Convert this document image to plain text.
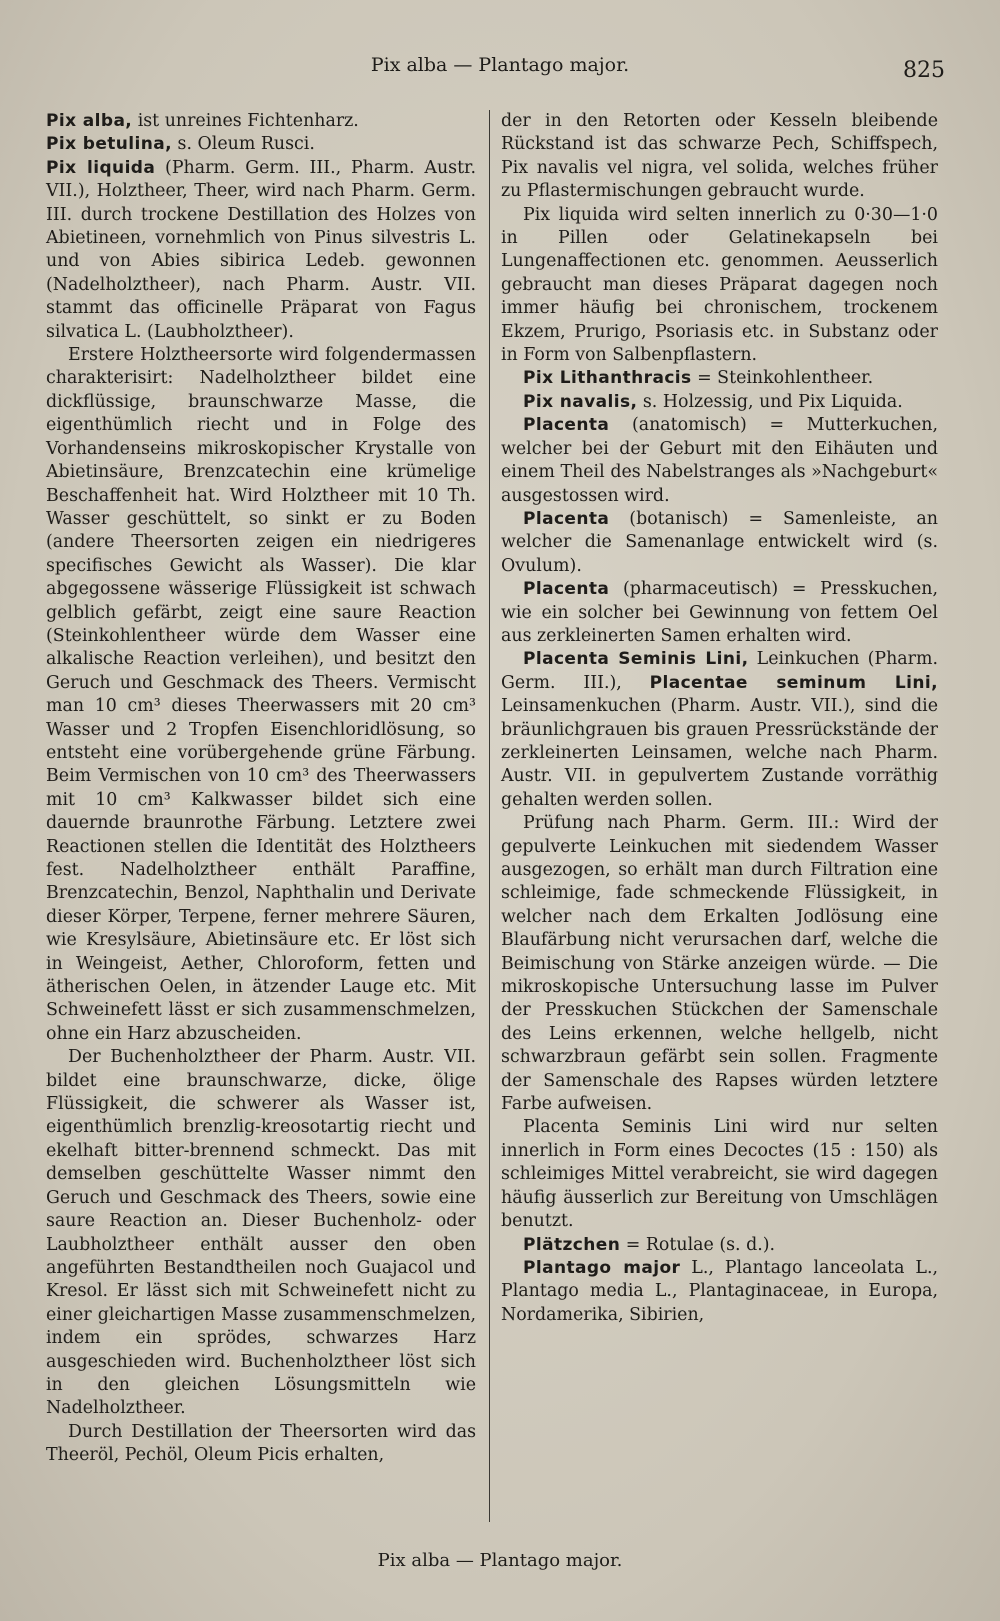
Pix alba — Plantago major.	825

Pix alba, ist unreines Fichtenharz.

Pix betulina, s. Oleum Rusci.

Pix liquida (Pharm. Germ. III., Pharm. Austr. VII.), Holztheer, Theer, wird nach Pharm. Germ. III. durch trockene Destillation des Holzes von Abietineen, vornehmlich von Pinus silvestris L. und von Abies sibirica Ledeb. gewonnen (Nadelholztheer), nach Pharm. Austr. VII. stammt das officinelle Präparat von Fagus silvatica L. (Laubholztheer).

Erstere Holztheersorte wird folgendermassen charakterisirt: Nadelholztheer bildet eine dickflüssige, braunschwarze Masse, die eigenthümlich riecht und in Folge des Vorhandenseins mikroskopischer Krystalle von Abietinsäure, Brenzcatechin eine krümelige Beschaffenheit hat. Wird Holztheer mit 10 Th. Wasser geschüttelt, so sinkt er zu Boden (andere Theersorten zeigen ein niedrigeres specifisches Gewicht als Wasser). Die klar abgegossene wässerige Flüssigkeit ist schwach gelblich gefärbt, zeigt eine saure Reaction (Steinkohlentheer würde dem Wasser eine alkalische Reaction verleihen), und besitzt den Geruch und Geschmack des Theers. Vermischt man 10 cm³ dieses Theerwassers mit 20 cm³ Wasser und 2 Tropfen Eisenchloridlösung, so entsteht eine vorübergehende grüne Färbung. Beim Vermischen von 10 cm³ des Theerwassers mit 10 cm³ Kalkwasser bildet sich eine dauernde braunrothe Färbung. Letztere zwei Reactionen stellen die Identität des Holztheers fest. Nadelholztheer enthält Paraffine, Brenzcatechin, Benzol, Naphthalin und Derivate dieser Körper, Terpene, ferner mehrere Säuren, wie Kresylsäure, Abietinsäure etc. Er löst sich in Weingeist, Aether, Chloroform, fetten und ätherischen Oelen, in ätzender Lauge etc. Mit Schweinefett lässt er sich zusammenschmelzen, ohne ein Harz abzuscheiden.

Der Buchenholztheer der Pharm. Austr. VII. bildet eine braunschwarze, dicke, ölige Flüssigkeit, die schwerer als Wasser ist, eigenthümlich brenzlig-kreosotartig riecht und ekelhaft bitter-brennend schmeckt. Das mit demselben geschüttelte Wasser nimmt den Geruch und Geschmack des Theers, sowie eine saure Reaction an. Dieser Buchenholz- oder Laubholztheer enthält ausser den oben angeführten Bestandtheilen noch Guajacol und Kresol. Er lässt sich mit Schweinefett nicht zu einer gleichartigen Masse zusammenschmelzen, indem ein sprödes, schwarzes Harz ausgeschieden wird. Buchenholztheer löst sich in den gleichen Lösungsmitteln wie Nadelholztheer.

Durch Destillation der Theersorten wird das Theeröl, Pechöl, Oleum Picis erhalten,

der in den Retorten oder Kesseln bleibende Rückstand ist das schwarze Pech, Schiffspech, Pix navalis vel nigra, vel solida, welches früher zu Pflastermischungen gebraucht wurde.

Pix liquida wird selten innerlich zu 0·30—1·0 in Pillen oder Gelatinekapseln bei Lungenaffectionen etc. genommen. Aeusserlich gebraucht man dieses Präparat dagegen noch immer häufig bei chronischem, trockenem Ekzem, Prurigo, Psoriasis etc. in Substanz oder in Form von Salbenpflastern.

Pix Lithanthracis = Steinkohlentheer.

Pix navalis, s. Holzessig, und Pix Liquida.

Placenta (anatomisch) = Mutterkuchen, welcher bei der Geburt mit den Eihäuten und einem Theil des Nabelstranges als »Nachgeburt« ausgestossen wird.

Placenta (botanisch) = Samenleiste, an welcher die Samenanlage entwickelt wird (s. Ovulum).

Placenta (pharmaceutisch) = Presskuchen, wie ein solcher bei Gewinnung von fettem Oel aus zerkleinerten Samen erhalten wird.

Placenta Seminis Lini, Leinkuchen (Pharm. Germ. III.), Placentae seminum Lini, Leinsamenkuchen (Pharm. Austr. VII.), sind die bräunlichgrauen bis grauen Pressrückstände der zerkleinerten Leinsamen, welche nach Pharm. Austr. VII. in gepulvertem Zustande vorräthig gehalten werden sollen.

Prüfung nach Pharm. Germ. III.: Wird der gepulverte Leinkuchen mit siedendem Wasser ausgezogen, so erhält man durch Filtration eine schleimige, fade schmeckende Flüssigkeit, in welcher nach dem Erkalten Jodlösung eine Blaufärbung nicht verursachen darf, welche die Beimischung von Stärke anzeigen würde. — Die mikroskopische Untersuchung lasse im Pulver der Presskuchen Stückchen der Samenschale des Leins erkennen, welche hellgelb, nicht schwarzbraun gefärbt sein sollen. Fragmente der Samenschale des Rapses würden letztere Farbe aufweisen.

Placenta Seminis Lini wird nur selten innerlich in Form eines Decoctes (15 : 150) als schleimiges Mittel verabreicht, sie wird dagegen häufig äusserlich zur Bereitung von Umschlägen benutzt.

Plätzchen = Rotulae (s. d.).

Plantago major L., Plantago lanceolata L., Plantago media L., Plantaginaceae, in Europa, Nordamerika, Sibirien,

Pix alba — Plantago major.
